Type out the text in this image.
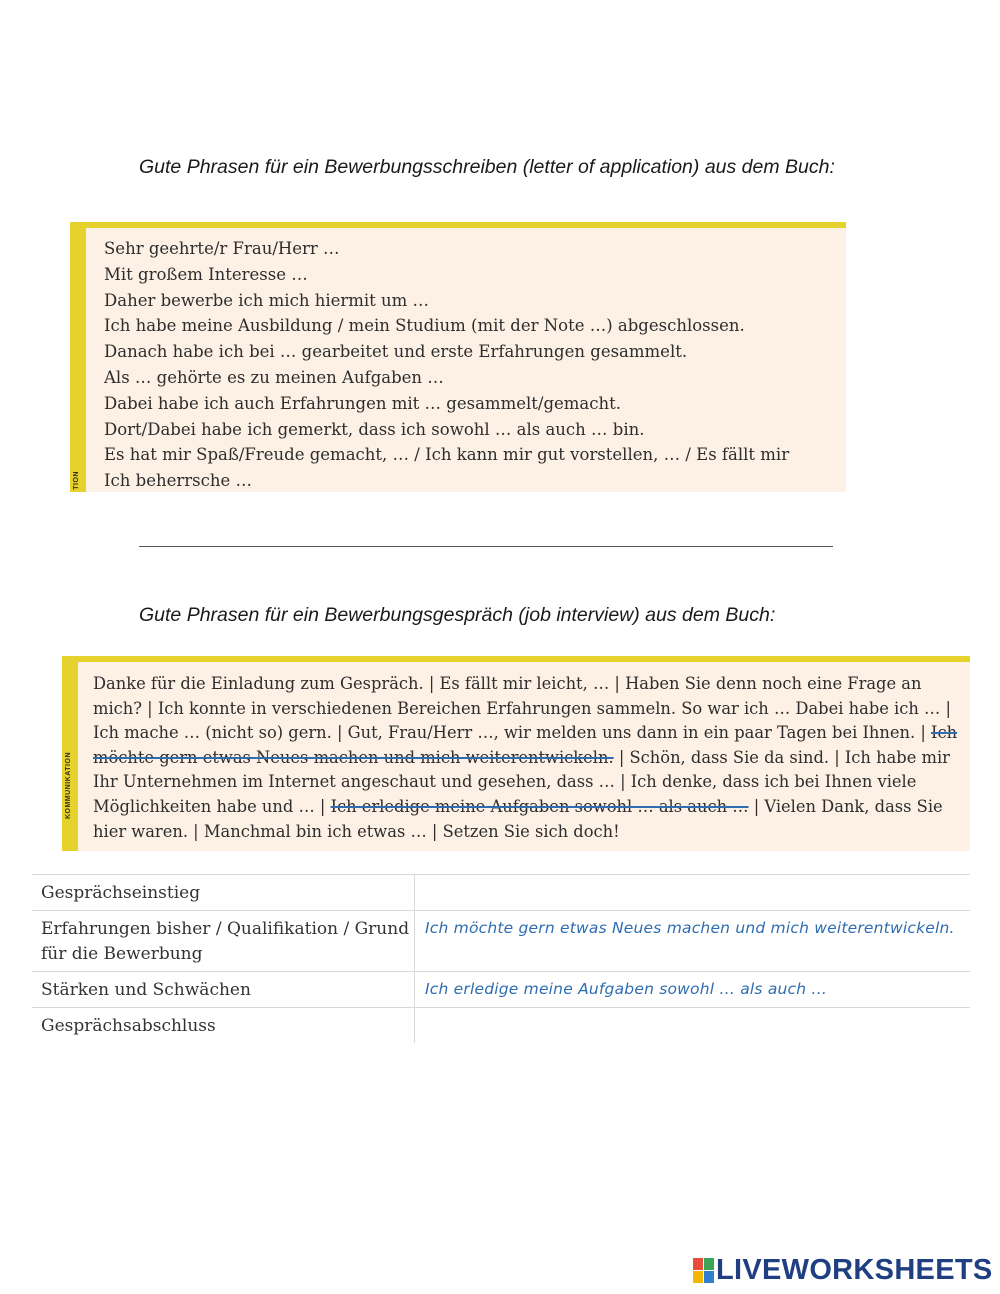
Gute Phrasen für ein Bewerbungsschreiben (letter of application) aus dem Buch:
TION
Sehr geehrte/r Frau/Herr …
Mit großem Interesse …
Daher bewerbe ich mich hiermit um …
Ich habe meine Ausbildung / mein Studium (mit der Note …) abgeschlossen.
Danach habe ich bei … gearbeitet und erste Erfahrungen gesammelt.
Als … gehörte es zu meinen Aufgaben …
Dabei habe ich auch Erfahrungen mit … gesammelt/gemacht.
Dort/Dabei habe ich gemerkt, dass ich sowohl … als auch … bin.
Es hat mir Spaß/Freude gemacht, … / Ich kann mir gut vorstellen, … / Es fällt mir
Ich beherrsche …
Gute Phrasen für ein Bewerbungsgespräch (job interview) aus dem Buch:
KOMMUNIKATION
Danke für die Einladung zum Gespräch. | Es fällt mir leicht, … | Haben Sie denn noch eine Frage an mich? | Ich konnte in verschiedenen Bereichen Erfahrungen sammeln. So war ich … Dabei habe ich … | Ich mache … (nicht so) gern. | Gut, Frau/Herr …, wir melden uns dann in ein paar Tagen bei Ihnen. | Ich möchte gern etwas Neues machen und mich weiterentwickeln. | Schön, dass Sie da sind. | Ich habe mir Ihr Unternehmen im Internet angeschaut und gesehen, dass … | Ich denke, dass ich bei Ihnen viele Möglichkeiten habe und … | Ich erledige meine Aufgaben sowohl … als auch … | Vielen Dank, dass Sie hier waren. | Manchmal bin ich etwas … | Setzen Sie sich doch!
Gesprächseinstieg	
Erfahrungen bisher / Qualifikation / Grund für die Bewerbung	Ich möchte gern etwas Neues machen und mich weiterentwickeln.
Stärken und Schwächen	Ich erledige meine Aufgaben sowohl … als auch …
Gesprächsabschluss	
LIVEWORKSHEETS
